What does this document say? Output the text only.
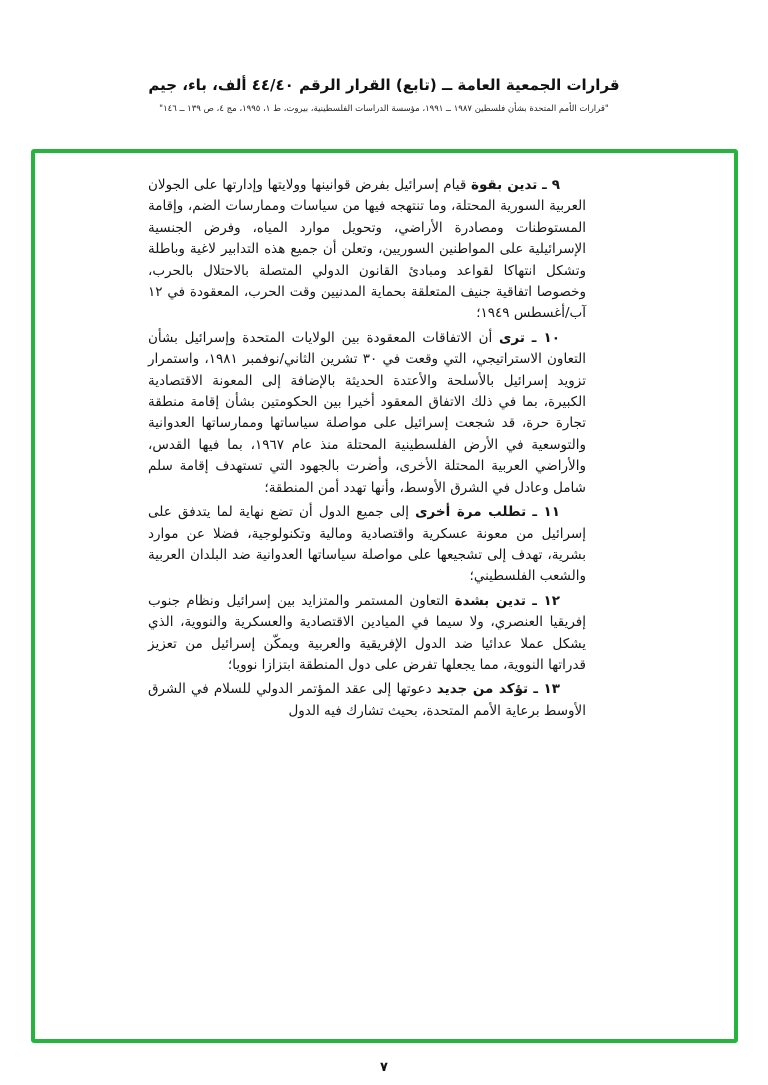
قرارات الجمعية العامة ــ (تابع) القرار الرقم ٤٤/٤٠ ألف، باء، جيم
"قرارات الأمم المتحدة بشأن فلسطين ١٩٨٧ ــ ١٩٩١، مؤسسة الدراسات الفلسطينية، بيروت، ط ١، ١٩٩٥، مج ٤، ص ١٣٩ ــ ١٤٦"

٩ ـ تدين بقوة قيام إسرائيل بفرض قوانينها وولايتها وإدارتها على الجولان العربية السورية المحتلة، وما تنتهجه فيها من سياسات وممارسات الضم، وإقامة المستوطنات ومصادرة الأراضي، وتحويل موارد المياه، وفرض الجنسية الإسرائيلية على المواطنين السوريين، وتعلن أن جميع هذه التدابير لاغية وباطلة وتشكل انتهاكا لقواعد ومبادئ القانون الدولي المتصلة بالاحتلال بالحرب، وخصوصا اتفاقية جنيف المتعلقة بحماية المدنيين وقت الحرب، المعقودة في ١٢ آب/أغسطس ١٩٤٩؛

١٠ ـ ترى أن الاتفاقات المعقودة بين الولايات المتحدة وإسرائيل بشأن التعاون الاستراتيجي، التي وقعت في ٣٠ تشرين الثاني/نوفمبر ١٩٨١، واستمرار تزويد إسرائيل بالأسلحة والأعتدة الحديثة بالإضافة إلى المعونة الاقتصادية الكبيرة، بما في ذلك الاتفاق المعقود أخيرا بين الحكومتين بشأن إقامة منطقة تجارة حرة، قد شجعت إسرائيل على مواصلة سياساتها وممارساتها العدوانية والتوسعية في الأرض الفلسطينية المحتلة منذ عام ١٩٦٧، بما فيها القدس، والأراضي العربية المحتلة الأخرى، وأضرت بالجهود التي تستهدف إقامة سلم شامل وعادل في الشرق الأوسط، وأنها تهدد أمن المنطقة؛

١١ ـ تطلب مرة أخرى إلى جميع الدول أن تضع نهاية لما يتدفق على إسرائيل من معونة عسكرية واقتصادية ومالية وتكنولوجية، فضلا عن موارد بشرية، تهدف إلى تشجيعها على مواصلة سياساتها العدوانية ضد البلدان العربية والشعب الفلسطيني؛

١٢ ـ تدين بشدة التعاون المستمر والمتزايد بين إسرائيل ونظام جنوب إفريقيا العنصري، ولا سيما في الميادين الاقتصادية والعسكرية والنووية، الذي يشكل عملا عدائيا ضد الدول الإفريقية والعربية ويمكّن إسرائيل من تعزيز قدراتها النووية، مما يجعلها تفرض على دول المنطقة ابتزازا نوويا؛

١٣ ـ تؤكد من جديد دعوتها إلى عقد المؤتمر الدولي للسلام في الشرق الأوسط برعاية الأمم المتحدة، بحيث تشارك فيه الدول

٧
